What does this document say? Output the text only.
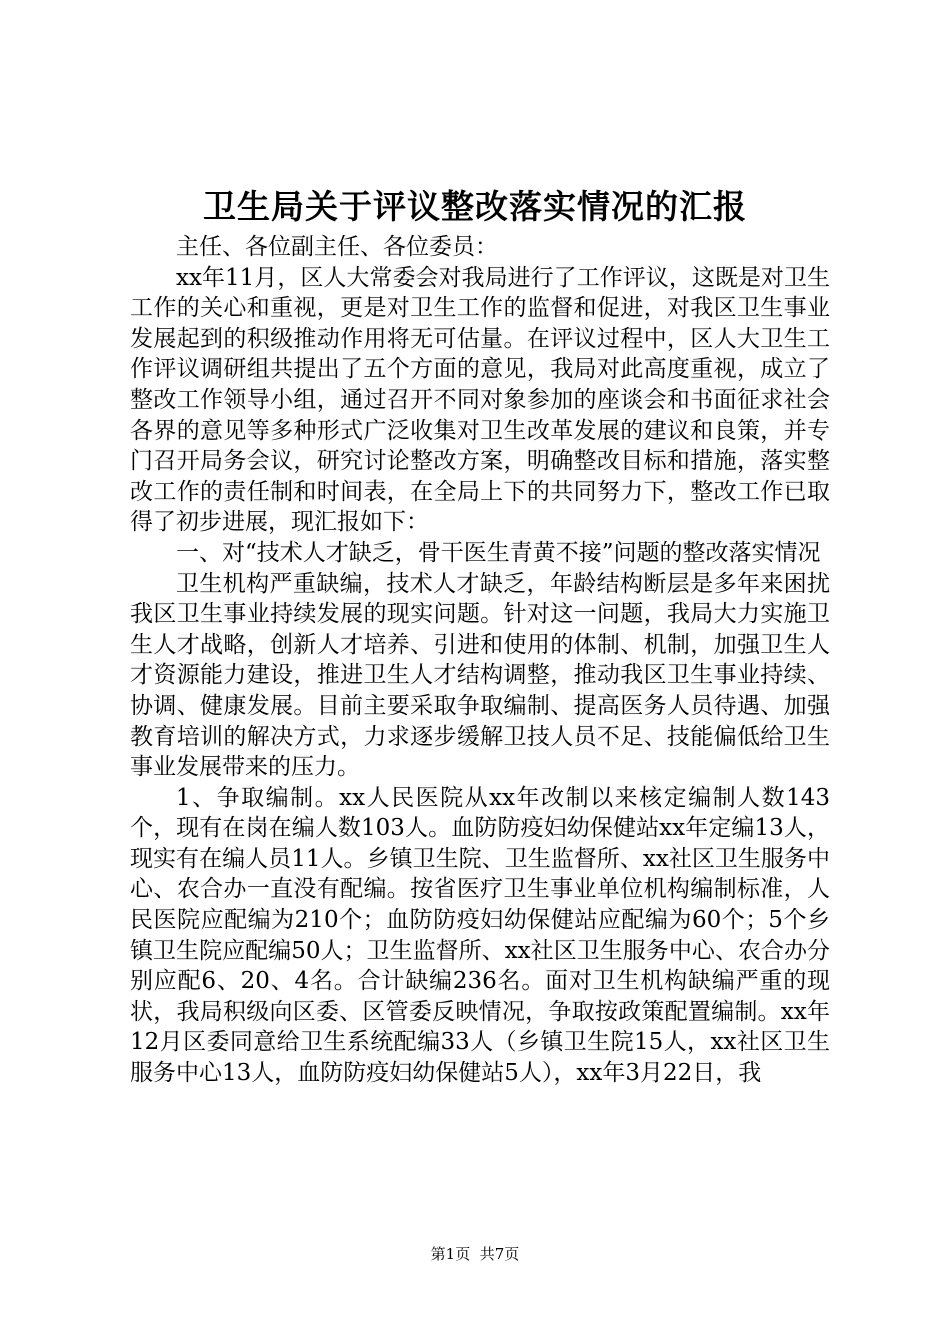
卫生局关于评议整改落实情况的汇报

主任、各位副主任、各位委员：

xx年11月，区人大常委会对我局进行了工作评议，这既是对卫生工作的关心和重视，更是对卫生工作的监督和促进，对我区卫生事业发展起到的积级推动作用将无可估量。在评议过程中，区人大卫生工作评议调研组共提出了五个方面的意见，我局对此高度重视，成立了整改工作领导小组，通过召开不同对象参加的座谈会和书面征求社会各界的意见等多种形式广泛收集对卫生改革发展的建议和良策，并专门召开局务会议，研究讨论整改方案，明确整改目标和措施，落实整改工作的责任制和时间表，在全局上下的共同努力下，整改工作已取得了初步进展，现汇报如下：

一、对“技术人才缺乏，骨干医生青黄不接”问题的整改落实情况

卫生机构严重缺编，技术人才缺乏，年龄结构断层是多年来困扰我区卫生事业持续发展的现实问题。针对这一问题，我局大力实施卫生人才战略，创新人才培养、引进和使用的体制、机制，加强卫生人才资源能力建设，推进卫生人才结构调整，推动我区卫生事业持续、协调、健康发展。目前主要采取争取编制、提高医务人员待遇、加强教育培训的解决方式，力求逐步缓解卫技人员不足、技能偏低给卫生事业发展带来的压力。

1、争取编制。xx人民医院从xx年改制以来核定编制人数143个，现有在岗在编人数103人。血防防疫妇幼保健站xx年定编13人，现实有在编人员11人。乡镇卫生院、卫生监督所、xx社区卫生服务中心、农合办一直没有配编。按省医疗卫生事业单位机构编制标准，人民医院应配编为210个；血防防疫妇幼保健站应配编为60个；5个乡镇卫生院应配编50人；卫生监督所、xx社区卫生服务中心、农合办分别应配6、20、4名。合计缺编236名。面对卫生机构缺编严重的现状，我局积级向区委、区管委反映情况，争取按政策配置编制。xx年12月区委同意给卫生系统配编33人（乡镇卫生院15人，xx社区卫生服务中心13人，血防防疫妇幼保健站5人），xx年3月22日，我

第1页 共7页
